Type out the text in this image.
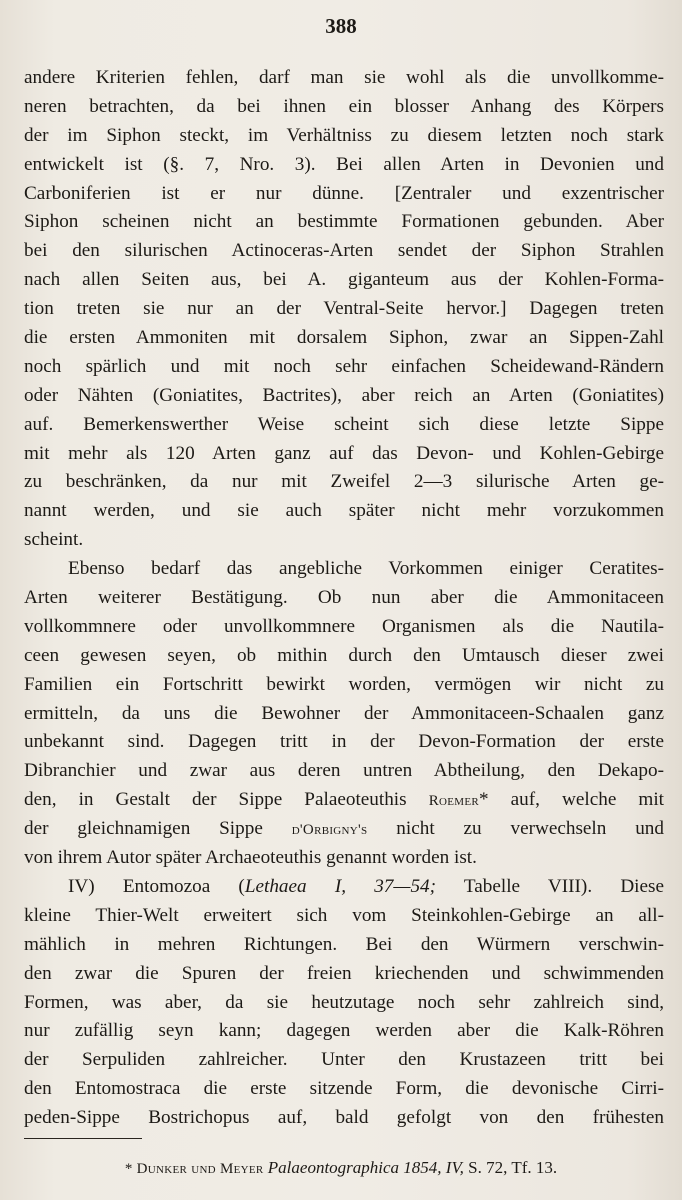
388
andere Kriterien fehlen, darf man sie wohl als die unvollkomme-
neren betrachten, da bei ihnen ein blosser Anhang des Körpers
der im Siphon steckt, im Verhältniss zu diesem letzten noch stark
entwickelt ist (§. 7, Nro. 3). Bei allen Arten in Devonien und
Carboniferien ist er nur dünne. [Zentraler und exzentrischer
Siphon scheinen nicht an bestimmte Formationen gebunden. Aber
bei den silurischen Actinoceras-Arten sendet der Siphon Strahlen
nach allen Seiten aus, bei A. giganteum aus der Kohlen-Forma-
tion treten sie nur an der Ventral-Seite hervor.] Dagegen treten
die ersten Ammoniten mit dorsalem Siphon, zwar an Sippen-Zahl
noch spärlich und mit noch sehr einfachen Scheidewand-Rändern
oder Nähten (Goniatites, Bactrites), aber reich an Arten (Goniatites)
auf. Bemerkenswerther Weise scheint sich diese letzte Sippe
mit mehr als 120 Arten ganz auf das Devon- und Kohlen-Gebirge
zu beschränken, da nur mit Zweifel 2—3 silurische Arten ge-
nannt werden, und sie auch später nicht mehr vorzukommen
scheint.
Ebenso bedarf das angebliche Vorkommen einiger Ceratites-
Arten weiterer Bestätigung. Ob nun aber die Ammonitaceen
vollkommnere oder unvollkommnere Organismen als die Nautila-
ceen gewesen seyen, ob mithin durch den Umtausch dieser zwei
Familien ein Fortschritt bewirkt worden, vermögen wir nicht zu
ermitteln, da uns die Bewohner der Ammonitaceen-Schaalen ganz
unbekannt sind. Dagegen tritt in der Devon-Formation der erste
Dibranchier und zwar aus deren untren Abtheilung, den Dekapo-
den, in Gestalt der Sippe Palaeoteuthis Roemer* auf, welche mit
der gleichnamigen Sippe d'Orbigny's nicht zu verwechseln und
von ihrem Autor später Archaeoteuthis genannt worden ist.
IV) Entomozoa (Lethaea I, 37—54; Tabelle VIII). Diese
kleine Thier-Welt erweitert sich vom Steinkohlen-Gebirge an all-
mählich in mehren Richtungen. Bei den Würmern verschwin-
den zwar die Spuren der freien kriechenden und schwimmenden
Formen, was aber, da sie heutzutage noch sehr zahlreich sind,
nur zufällig seyn kann; dagegen werden aber die Kalk-Röhren
der Serpuliden zahlreicher. Unter den Krustazeen tritt bei
den Entomostraca die erste sitzende Form, die devonische Cirri-
peden-Sippe Bostrichopus auf, bald gefolgt von den frühesten
* Dunker und Meyer Palaeontographica 1854, IV, S. 72, Tf. 13.
